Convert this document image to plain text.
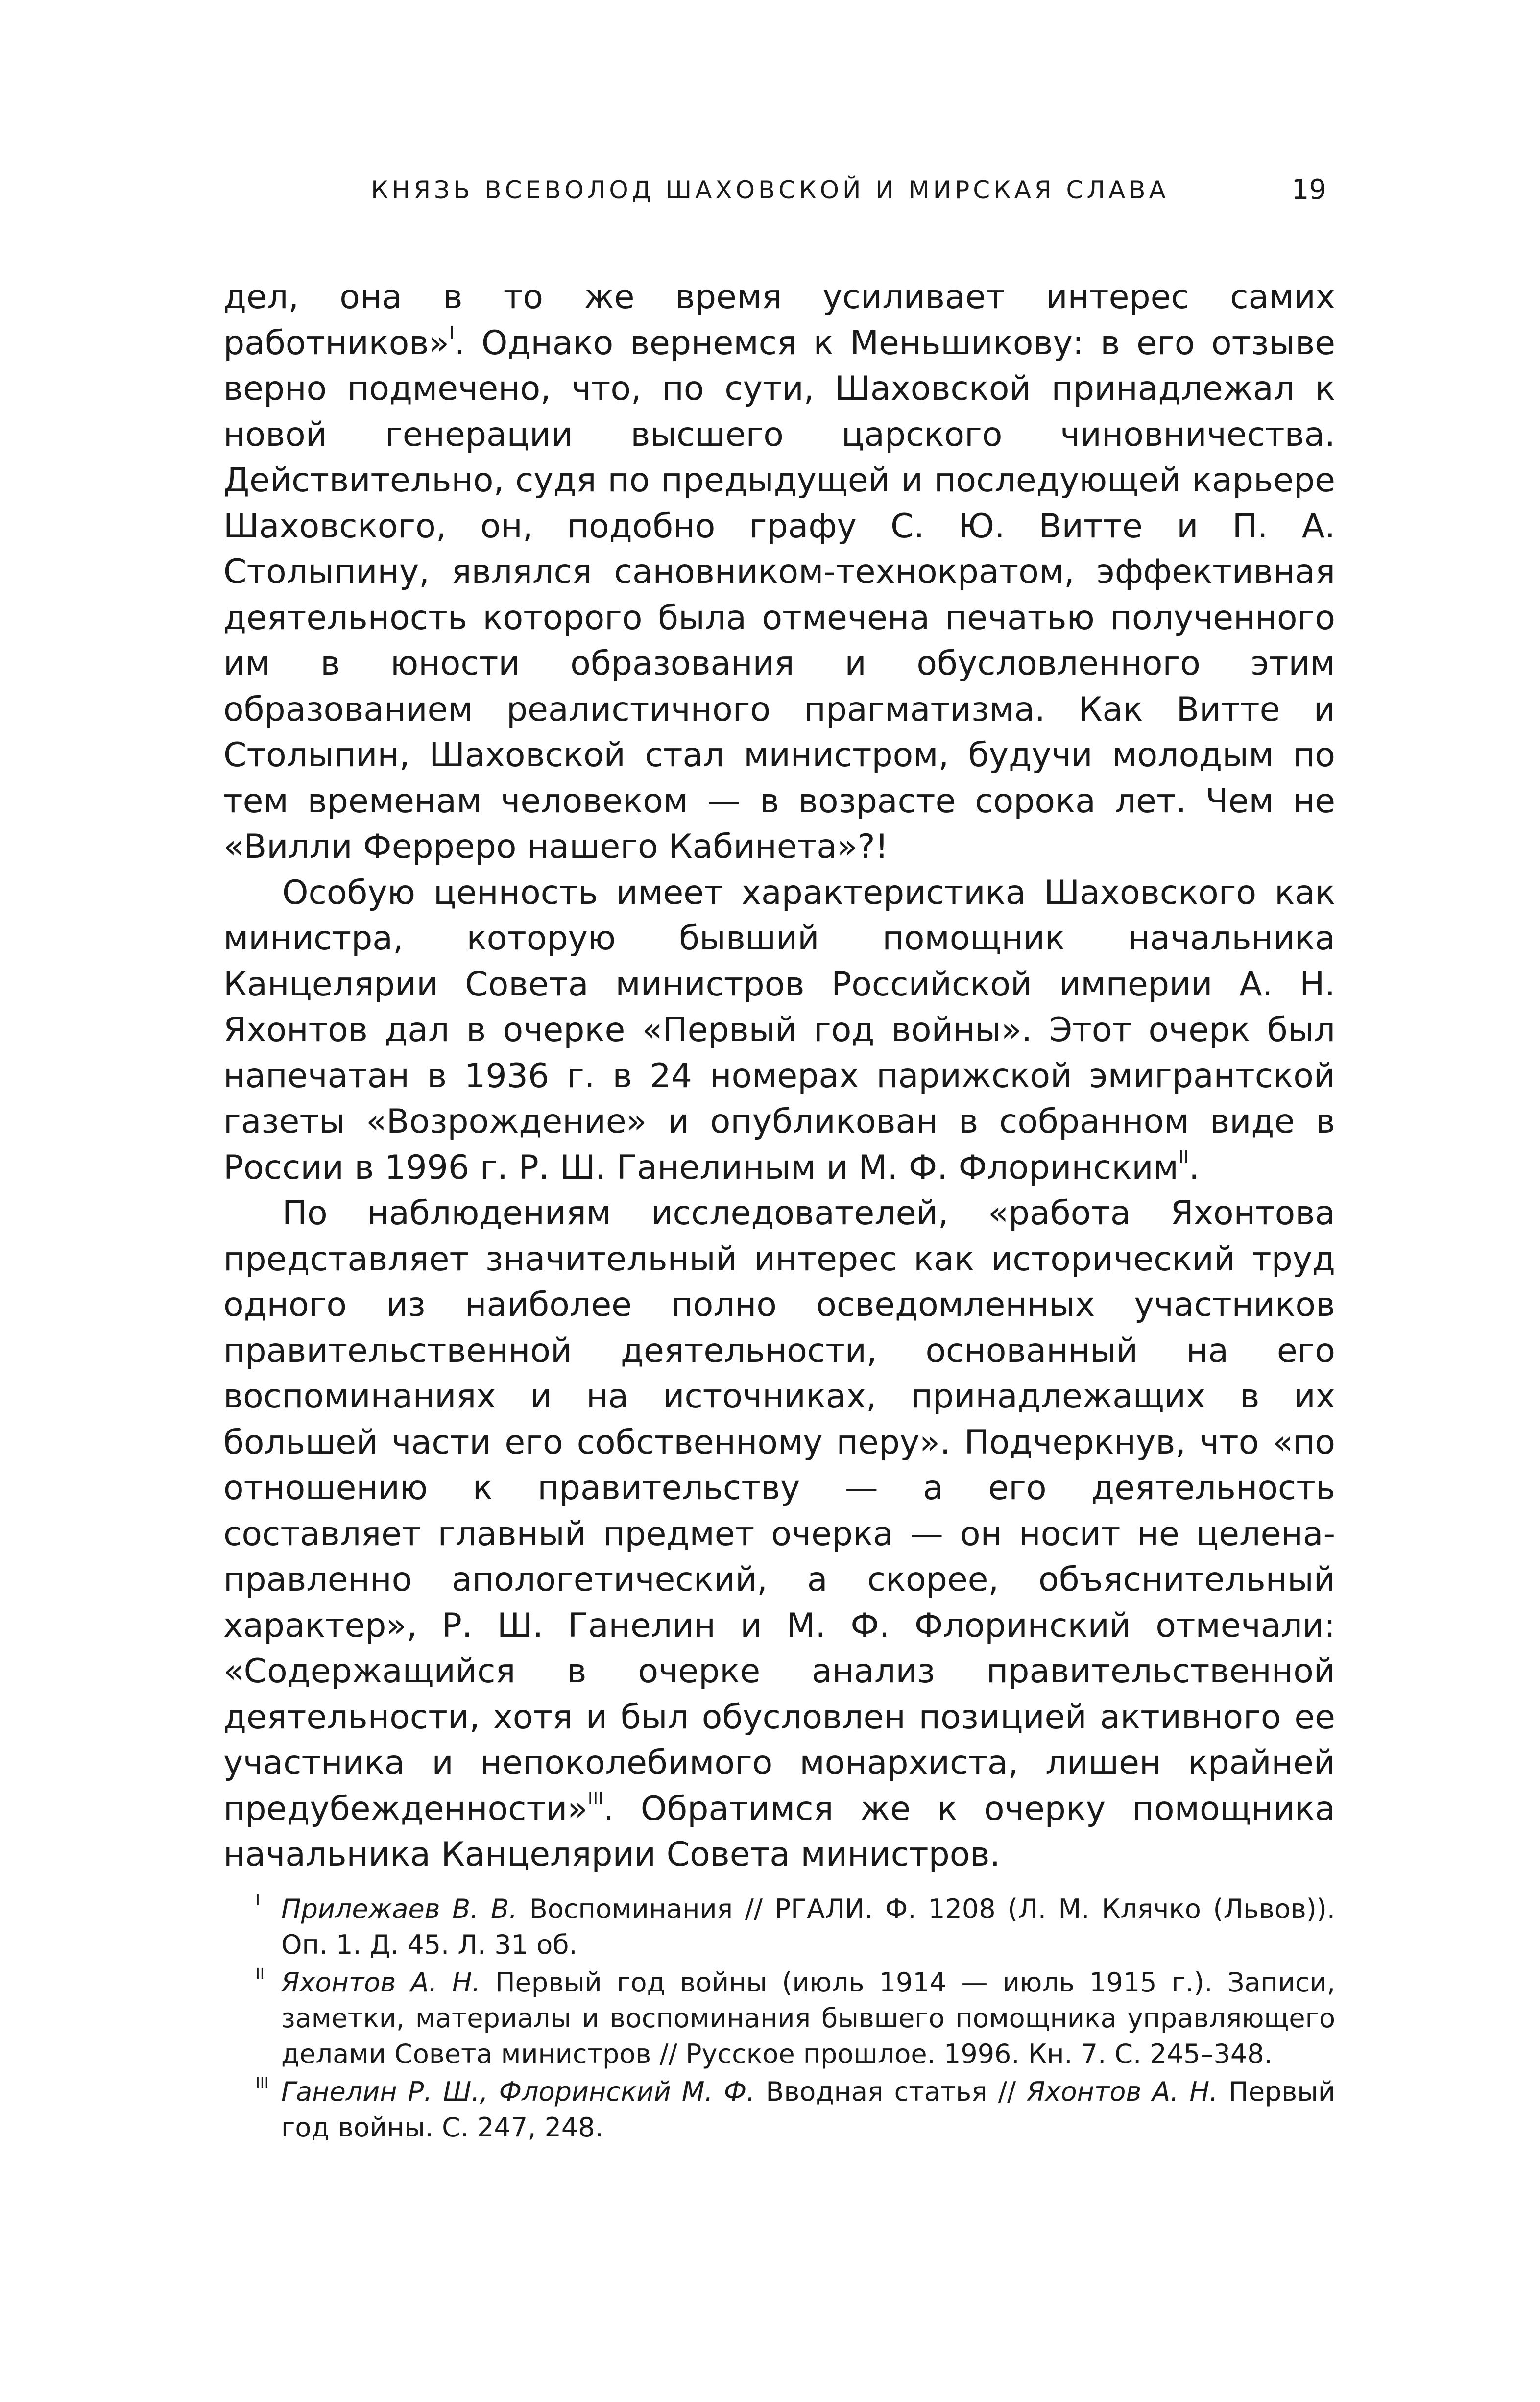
КНЯЗЬ ВСЕВОЛОД ШАХОВСКОЙ И МИРСКАЯ СЛАВА	19

дел, она в то же время усиливает интерес самих работников»$^I$. Однако вернемся к Меньшикову: в его отзыве верно подмечено, что, по сути, Шаховской принадлежал к новой генерации высшего царского чиновничества. Действительно, судя по предыдущей и последующей карьере Шаховского, он, подобно графу С. Ю. Витте и П. А. Столыпину, являлся сановником-технократом, эффективная деятельность которого была отмечена печатью полученного им в юности образования и обусловленного этим образованием реалистичного прагматизма. Как Витте и Столыпин, Шаховской стал министром, будучи молодым по тем временам человеком — в возрасте сорока лет. Чем не «Вилли Ферреро нашего Кабинета»?!

Особую ценность имеет характеристика Шаховского как министра, которую бывший помощник начальника Канцелярии Совета министров Российской империи А. Н. Яхонтов дал в очерке «Первый год войны». Этот очерк был напечатан в 1936 г. в 24 номерах парижской эмигрантской газеты «Возрождение» и опубликован в собранном виде в России в 1996 г. Р. Ш. Ганелиным и М. Ф. Флоринским$^{II}$.

По наблюдениям исследователей, «работа Яхонтова представляет значительный интерес как исторический труд одного из наиболее полно осведомленных участников правительственной деятельности, основанный на его воспоминаниях и на источниках, принадлежащих в их большей части его собственному перу». Подчеркнув, что «по отношению к правительству — а его деятельность составляет главный предмет очерка — он носит не целенаправленно апологетический, а скорее, объяснительный характер», Р. Ш. Ганелин и М. Ф. Флоринский отмечали: «Содержащийся в очерке анализ правительственной деятельности, хотя и был обусловлен позицией активного ее участника и непоколебимого монархиста, лишен крайней предубежденности»$^{III}$. Обратимся же к очерку помощника начальника Канцелярии Совета министров.

I Прилежаев В. В. Воспоминания // РГАЛИ. Ф. 1208 (Л. М. Клячко (Львов)). Оп. 1. Д. 45. Л. 31 об.
II Яхонтов А. Н. Первый год войны (июль 1914 — июль 1915 г.). Записи, заметки, материалы и воспоминания бывшего помощника управляющего делами Совета министров // Русское прошлое. 1996. Кн. 7. С. 245–348.
III Ганелин Р. Ш., Флоринский М. Ф. Вводная статья // Яхонтов А. Н. Первый год войны. С. 247, 248.
